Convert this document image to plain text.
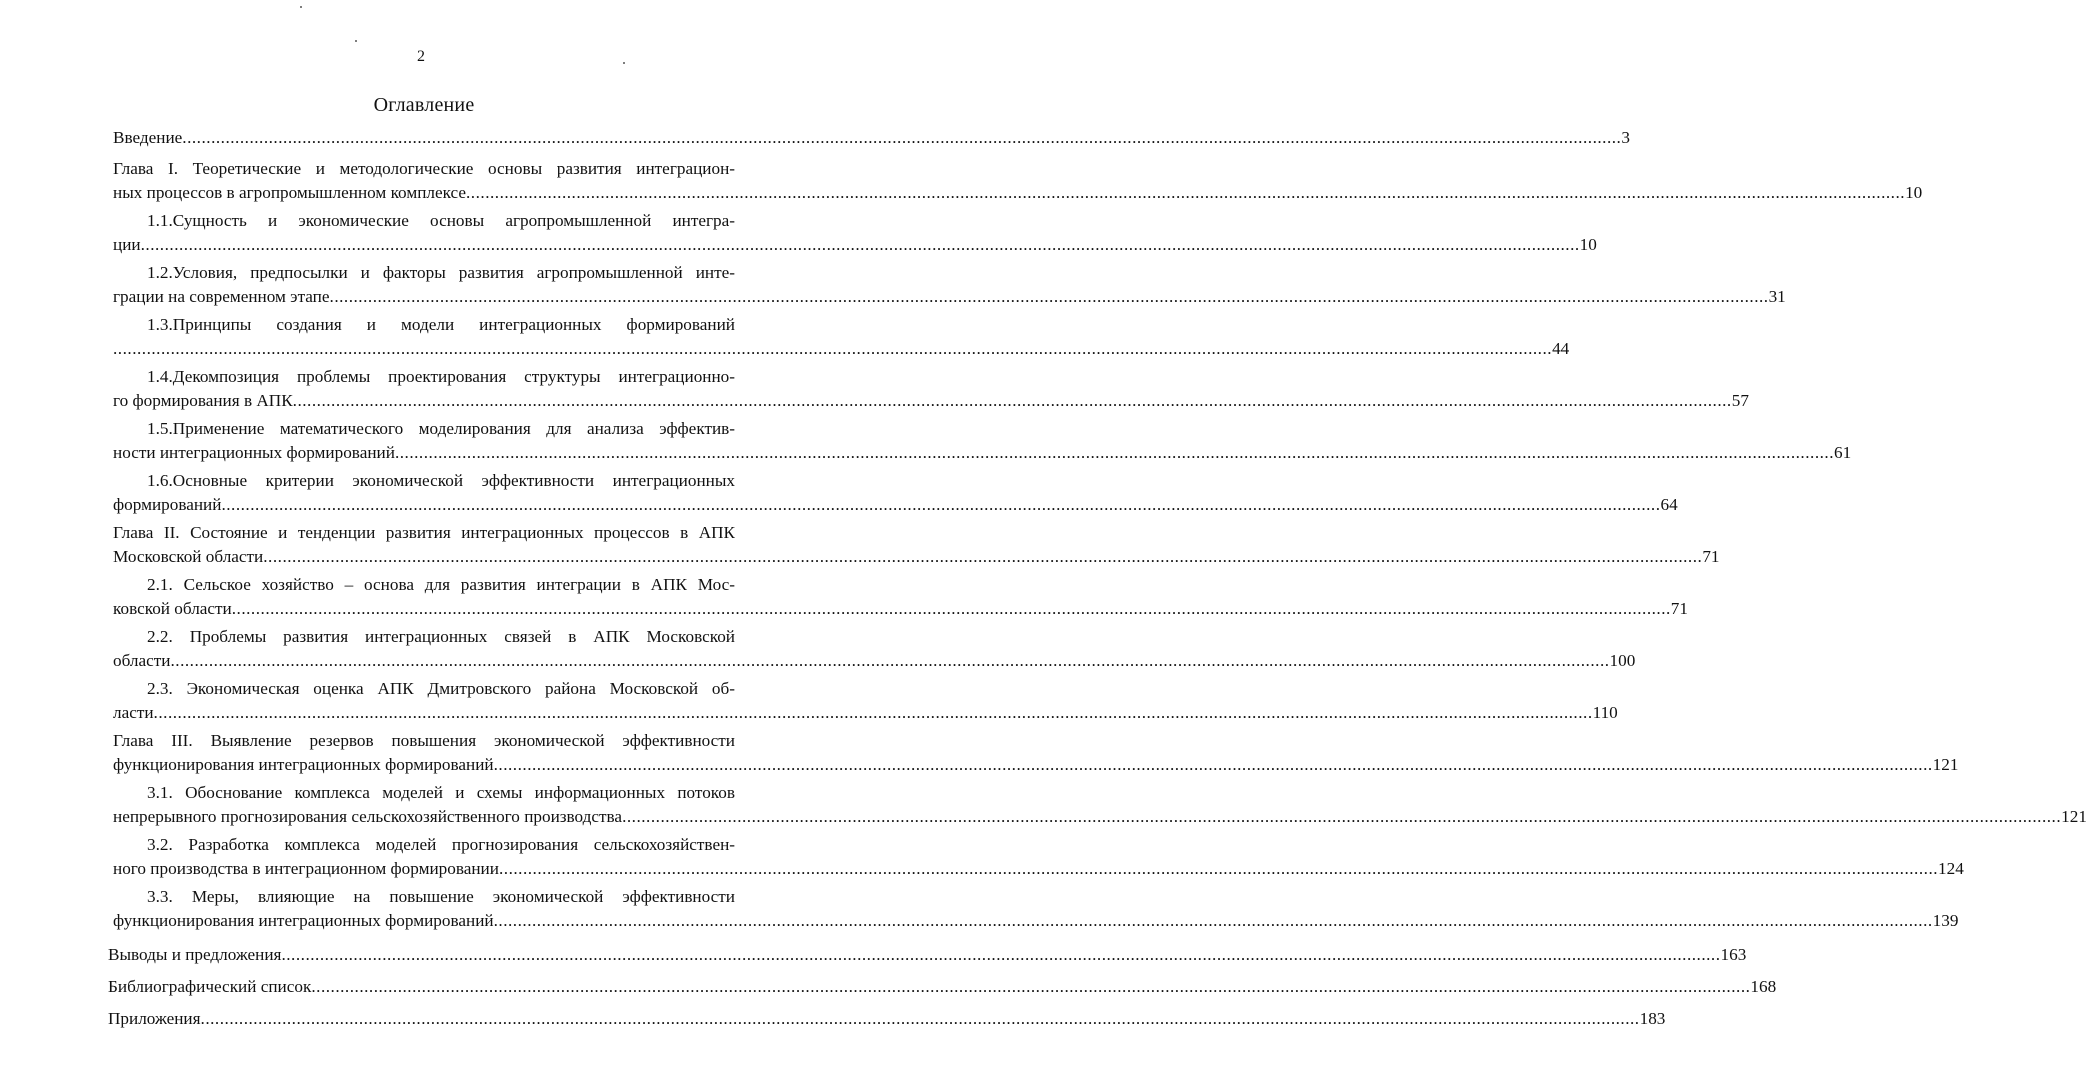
2
Оглавление
Введение ............................................................................................................................................................................................................................................................................................................ 3
Глава I. Теоретические и методологические основы развития интеграцион-
ных процессов в агропромышленном комплексе ............................................................................................................................................................................................................................................................................................................ 10
1.1.Сущность и экономические основы агропромышленной интегра-
ции ............................................................................................................................................................................................................................................................................................................ 10
1.2.Условия, предпосылки и факторы развития агропромышленной инте-
грации на современном этапе ............................................................................................................................................................................................................................................................................................................ 31
1.3.Принципы создания и модели интеграционных формирований
............................................................................................................................................................................................................................................................................................................ 44
1.4.Декомпозиция проблемы проектирования структуры интеграционно-
го формирования в АПК ............................................................................................................................................................................................................................................................................................................ 57
1.5.Применение математического моделирования для анализа эффектив-
ности интеграционных формирований ............................................................................................................................................................................................................................................................................................................ 61
1.6.Основные критерии экономической эффективности интеграционных
формирований ............................................................................................................................................................................................................................................................................................................ 64
Глава II. Состояние и тенденции развития интеграционных процессов в АПК
Московской области ............................................................................................................................................................................................................................................................................................................ 71
2.1. Сельское хозяйство – основа для развития интеграции в АПК Мос-
ковской области ............................................................................................................................................................................................................................................................................................................ 71
2.2. Проблемы развития интеграционных связей в АПК Московской
области ............................................................................................................................................................................................................................................................................................................ 100
2.3. Экономическая оценка АПК Дмитровского района Московской об-
ласти ............................................................................................................................................................................................................................................................................................................ 110
Глава III. Выявление резервов повышения экономической эффективности
функционирования интеграционных формирований ............................................................................................................................................................................................................................................................................................................ 121
3.1. Обоснование комплекса моделей и схемы информационных потоков
непрерывного прогнозирования сельскохозяйственного производства ............................................................................................................................................................................................................................................................................................................ 121
3.2. Разработка комплекса моделей прогнозирования сельскохозяйствен-
ного производства в интеграционном формировании ............................................................................................................................................................................................................................................................................................................ 124
3.3. Меры, влияющие на повышение экономической эффективности
функционирования интеграционных формирований ............................................................................................................................................................................................................................................................................................................ 139
Выводы и предложения ............................................................................................................................................................................................................................................................................................................ 163
Библиографический список ............................................................................................................................................................................................................................................................................................................ 168
Приложения ............................................................................................................................................................................................................................................................................................................ 183
